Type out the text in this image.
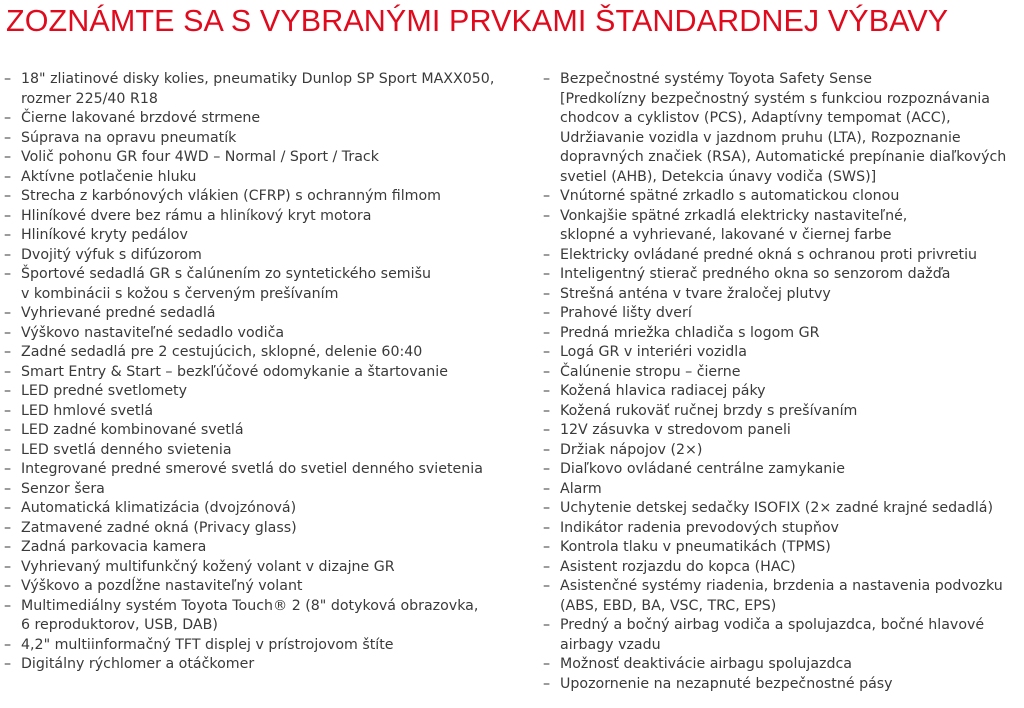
ZOZNÁMTE SA S VYBRANÝMI PRVKAMI ŠTANDARDNEJ VÝBAVY
– 18" zliatinové disky kolies, pneumatiky Dunlop SP Sport MAXX050,
rozmer 225/40 R18
– Čierne lakované brzdové strmene
– Súprava na opravu pneumatík
– Volič pohonu GR four 4WD – Normal / Sport / Track
– Aktívne potlačenie hluku
– Strecha z karbónových vlákien (CFRP) s ochranným filmom
– Hliníkové dvere bez rámu a hliníkový kryt motora
– Hliníkové kryty pedálov
– Dvojitý výfuk s difúzorom
– Športové sedadlá GR s čalúnením zo syntetického semišu
v kombinácii s kožou s červeným prešívaním
– Vyhrievané predné sedadlá
– Výškovo nastaviteľné sedadlo vodiča
– Zadné sedadlá pre 2 cestujúcich, sklopné, delenie 60:40
– Smart Entry & Start – bezkľúčové odomykanie a štartovanie
– LED predné svetlomety
– LED hmlové svetlá
– LED zadné kombinované svetlá
– LED svetlá denného svietenia
– Integrované predné smerové svetlá do svetiel denného svietenia
– Senzor šera
– Automatická klimatizácia (dvojzónová)
– Zatmavené zadné okná (Privacy glass)
– Zadná parkovacia kamera
– Vyhrievaný multifunkčný kožený volant v dizajne GR
– Výškovo a pozdĺžne nastaviteľný volant
– Multimediálny systém Toyota Touch® 2 (8" dotyková obrazovka,
6 reproduktorov, USB, DAB)
– 4,2" multiinformačný TFT displej v prístrojovom štíte
– Digitálny rýchlomer a otáčkomer
– Bezpečnostné systémy Toyota Safety Sense
[Predkolízny bezpečnostný systém s funkciou rozpoznávania
chodcov a cyklistov (PCS), Adaptívny tempomat (ACC),
Udržiavanie vozidla v jazdnom pruhu (LTA), Rozpoznanie
dopravných značiek (RSA), Automatické prepínanie diaľkových
svetiel (AHB), Detekcia únavy vodiča (SWS)]
– Vnútorné spätné zrkadlo s automatickou clonou
– Vonkajšie spätné zrkadlá elektricky nastaviteľné,
sklopné a vyhrievané, lakované v čiernej farbe
– Elektricky ovládané predné okná s ochranou proti privretiu
– Inteligentný stierač predného okna so senzorom dažďa
– Strešná anténa v tvare žraločej plutvy
– Prahové lišty dverí
– Predná mriežka chladiča s logom GR
– Logá GR v interiéri vozidla
– Čalúnenie stropu – čierne
– Kožená hlavica radiacej páky
– Kožená rukoväť ručnej brzdy s prešívaním
– 12V zásuvka v stredovom paneli
– Držiak nápojov (2×)
– Diaľkovo ovládané centrálne zamykanie
– Alarm
– Uchytenie detskej sedačky ISOFIX (2× zadné krajné sedadlá)
– Indikátor radenia prevodových stupňov
– Kontrola tlaku v pneumatikách (TPMS)
– Asistent rozjazdu do kopca (HAC)
– Asistenčné systémy riadenia, brzdenia a nastavenia podvozku
(ABS, EBD, BA, VSC, TRC, EPS)
– Predný a bočný airbag vodiča a spolujazdca, bočné hlavové
airbagy vzadu
– Možnosť deaktivácie airbagu spolujazdca
– Upozornenie na nezapnuté bezpečnostné pásy
